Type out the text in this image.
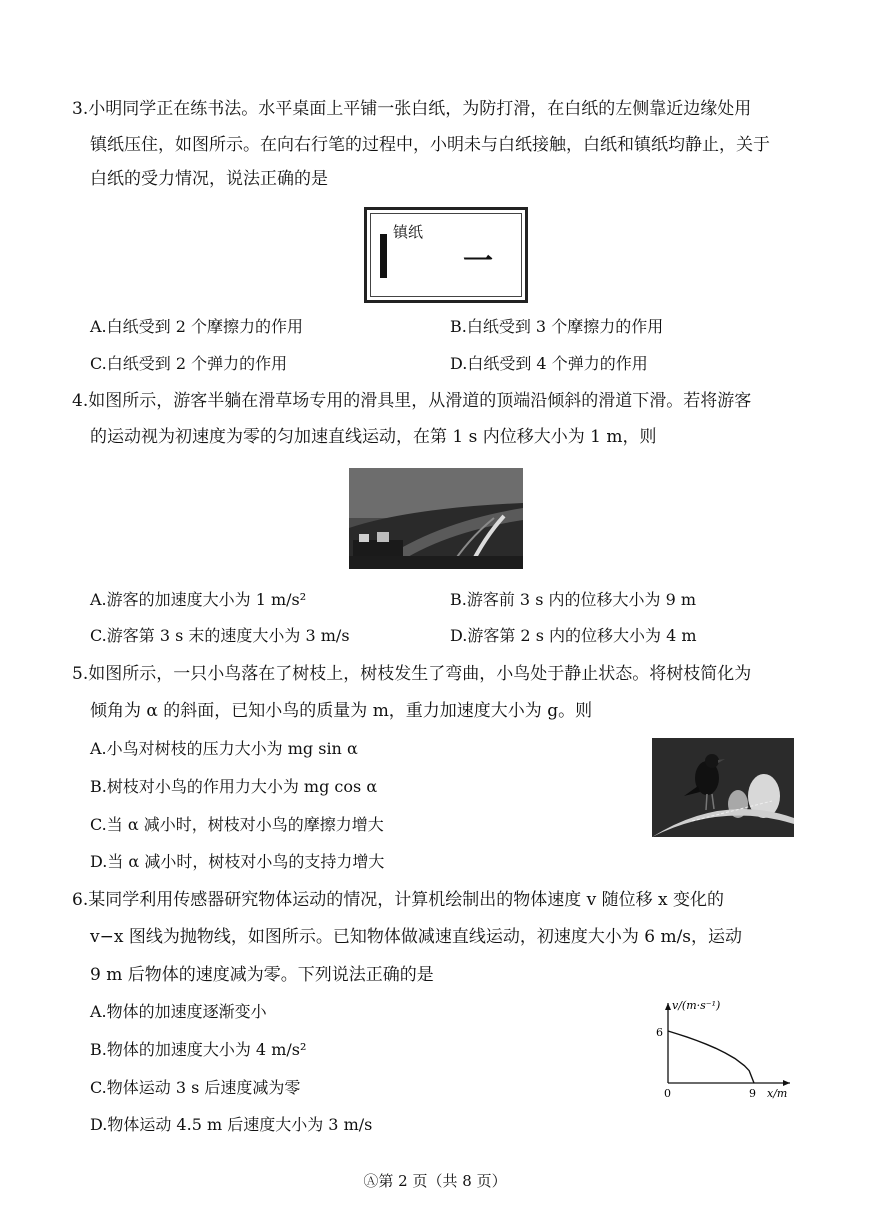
3.小明同学正在练书法。水平桌面上平铺一张白纸，为防打滑，在白纸的左侧靠近边缘处用
镇纸压住，如图所示。在向右行笔的过程中，小明未与白纸接触，白纸和镇纸均静止，关于
白纸的受力情况，说法正确的是
镇纸
一
A.白纸受到 2 个摩擦力的作用	B.白纸受到 3 个摩擦力的作用
C.白纸受到 2 个弹力的作用	D.白纸受到 4 个弹力的作用
4.如图所示，游客半躺在滑草场专用的滑具里，从滑道的顶端沿倾斜的滑道下滑。若将游客
的运动视为初速度为零的匀加速直线运动，在第 1 s 内位移大小为 1 m，则
A.游客的加速度大小为 1 m/s²	B.游客前 3 s 内的位移大小为 9 m
C.游客第 3 s 末的速度大小为 3 m/s	D.游客第 2 s 内的位移大小为 4 m
5.如图所示，一只小鸟落在了树枝上，树枝发生了弯曲，小鸟处于静止状态。将树枝简化为
倾角为 α 的斜面，已知小鸟的质量为 m，重力加速度大小为 g。则
A.小鸟对树枝的压力大小为 mg sin α
B.树枝对小鸟的作用力大小为 mg cos α
C.当 α 减小时，树枝对小鸟的摩擦力增大
D.当 α 减小时，树枝对小鸟的支持力增大
6.某同学利用传感器研究物体运动的情况，计算机绘制出的物体速度 v 随位移 x 变化的
v−x 图线为抛物线，如图所示。已知物体做减速直线运动，初速度大小为 6 m/s，运动
9 m 后物体的速度减为零。下列说法正确的是
A.物体的加速度逐渐变小
B.物体的加速度大小为 4 m/s²
C.物体运动 3 s 后速度减为零
D.物体运动 4.5 m 后速度大小为 3 m/s
v/(m·s⁻¹)
x/m
0	9
6
Ⓐ第 2 页（共 8 页）
